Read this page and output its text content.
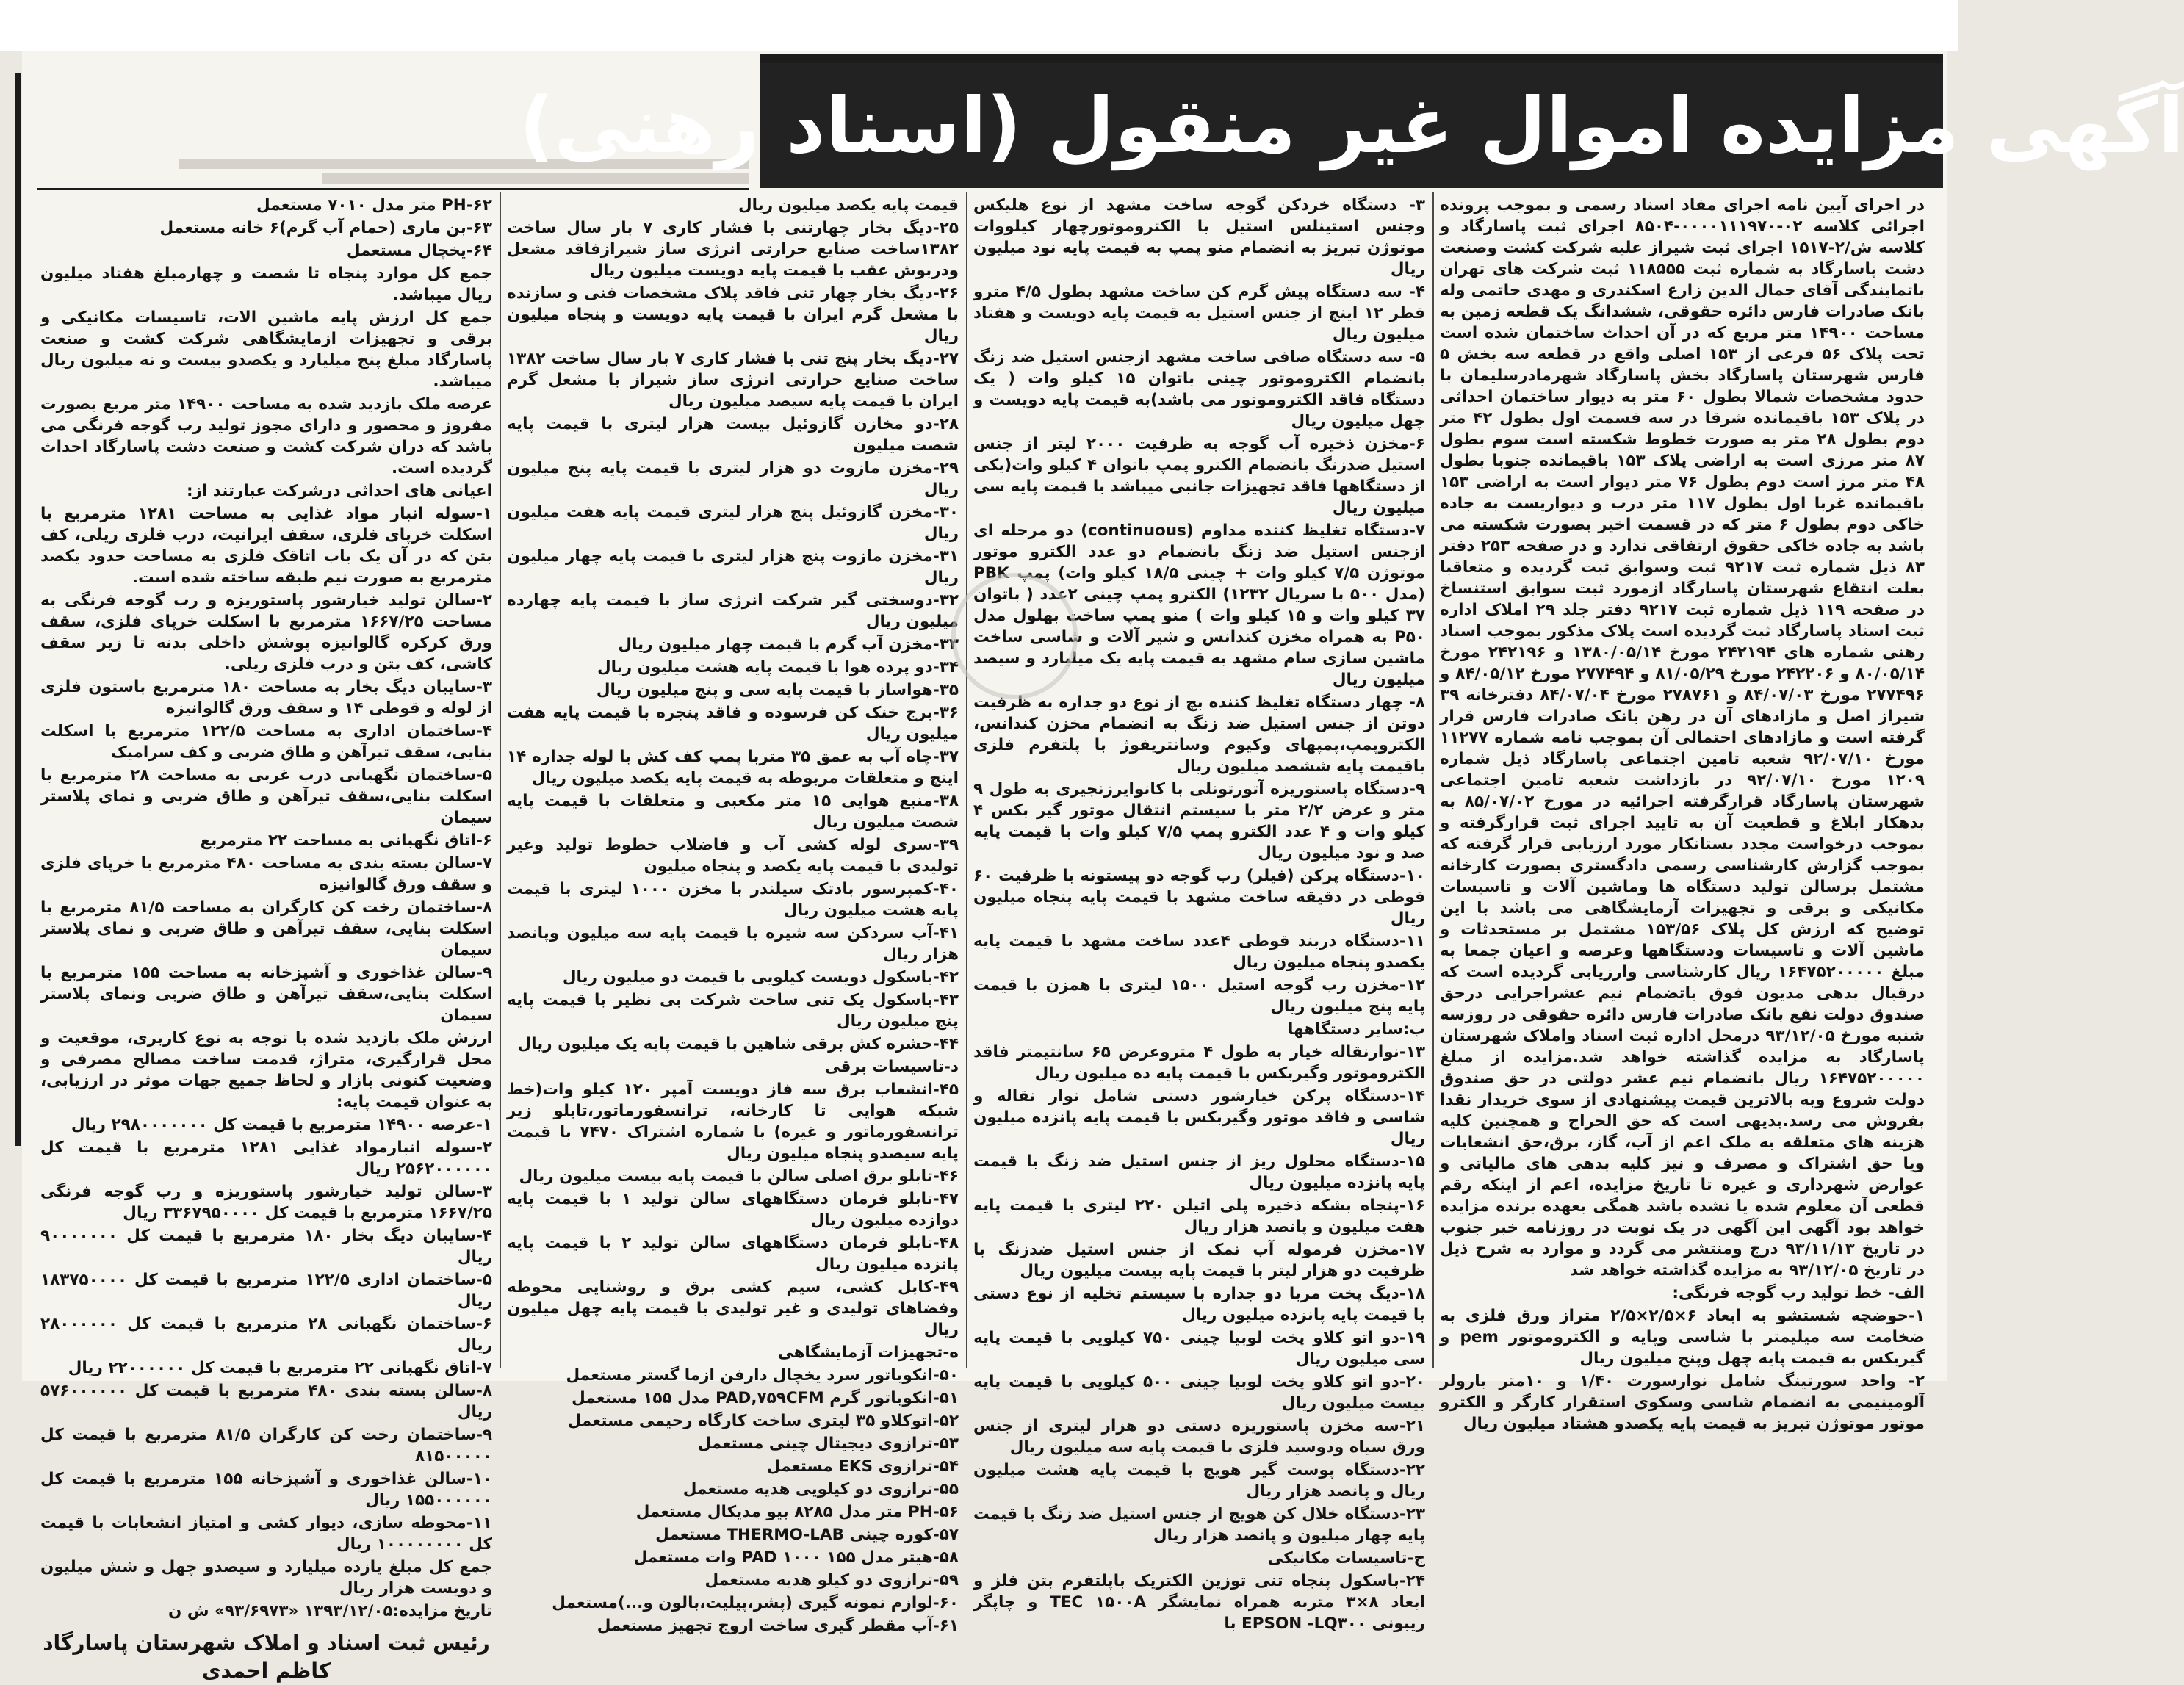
آگهی مزایده اموال غیر منقول (اسناد رهنی)

در اجرای آیین نامه اجرای مفاد اسناد رسمی و بموجب پرونده اجرائی کلاسه ۰۲-۰۰۰۰۱۱۱۹۷۰-۸۵۰۴ اجرای ثبت پاسارگاد و کلاسه ش/۲-۱۵۱۷ اجرای ثبت شیراز علیه شرکت کشت وصنعت دشت پاسارگاد به شماره ثبت ۱۱۸۵۵۵ ثبت شرکت های تهران باتمایندگی آقای جمال الدین زارع اسکندری و مهدی حاتمی وله بانک صادرات فارس دائره حقوقی، ششدانگ یک قطعه زمین به مساحت ۱۴۹۰۰ متر مربع که در آن احداث ساختمان شده است تحت پلاک ۵۶ فرعی از ۱۵۳ اصلی واقع در قطعه سه بخش ۵ فارس شهرستان پاسارگاد بخش پاسارگاد شهرمادرسلیمان با حدود مشخصات شمالا بطول ۶۰ متر به دیوار ساختمان احداثی در پلاک ۱۵۳ باقیمانده شرقا در سه قسمت اول بطول ۴۲ متر دوم بطول ۲۸ متر به صورت خطوط شکسته است سوم بطول ۸۷ متر مرزی است به اراضی پلاک ۱۵۳ باقیمانده جنوبا بطول ۴۸ متر مرز است دوم بطول ۷۶ متر دیوار است به اراضی ۱۵۳ باقیمانده غربا اول بطول ۱۱۷ متر درب و دیواریست به جاده خاکی دوم بطول ۶ متر که در قسمت اخیر بصورت شکسته می باشد به جاده خاکی حقوق ارتفاقی ندارد و در صفحه ۲۵۳ دفتر ۸۳ ذیل شماره ثبت ۹۲۱۷ ثبت وسوابق ثبت گردیده و متعاقبا بعلت انتقاع شهرستان پاسارگاد ازمورد ثبت سوابق استنساخ در صفحه ۱۱۹ ذیل شماره ثبت ۹۲۱۷ دفتر جلد ۲۹ املاک اداره ثبت اسناد پاسارگاد ثبت گردیده است پلاک مذکور بموجب اسناد رهنی شماره های ۲۴۲۱۹۴ مورخ ۱۳۸۰/۰۵/۱۴ و ۲۴۲۱۹۶ مورخ ۸۰/۰۵/۱۴ و ۲۴۲۲۰۶ مورخ ۸۱/۰۵/۲۹ و ۲۷۷۴۹۴ مورخ ۸۴/۰۵/۱۲ و ۲۷۷۴۹۶ مورخ ۸۴/۰۷/۰۳ و ۲۷۸۷۶۱ مورخ ۸۴/۰۷/۰۴ دفترخانه ۳۹ شیراز اصل و مازادهای آن در رهن بانک صادرات فارس قرار گرفته است و مازادهای احتمالی آن بموجب نامه شماره ۱۱۲۷۷ مورخ ۹۲/۰۷/۱۰ شعبه تامین اجتماعی پاسارگاد ذیل شماره ۱۲۰۹ مورخ ۹۲/۰۷/۱۰ در بازداشت شعبه تامین اجتماعی شهرستان پاسارگاد قرارگرفته اجرائیه در مورخ ۸۵/۰۷/۰۲ به بدهکار ابلاغ و قطعیت آن به تایید اجرای ثبت قرارگرفته و بموجب درخواست مجدد بستانکار مورد ارزیابی قرار گرفته که بموجب گزارش کارشناسی رسمی دادگستری بصورت کارخانه مشتمل برسالن تولید دستگاه ها وماشین آلات و تاسیسات مکانیکی و برقی و تجهیزات آزمایشگاهی می باشد با این توضیح که ارزش کل پلاک ۱۵۳/۵۶ مشتمل بر مستحدثات و ماشین آلات و تاسیسات ودستگاهها وعرصه و اعیان جمعا به مبلغ ۱۶۴۷۵۲۰۰۰۰۰ ریال کارشناسی وارزیابی گردیده است که درقبال بدهی مدیون فوق باتضمام نیم عشراجرایی درحق صندوق دولت نفع بانک صادرات فارس دائره حقوقی در روزسه شنبه مورخ ۹۳/۱۲/۰۵ درمحل اداره ثبت اسناد واملاک شهرستان پاسارگاد به مزایده گذاشته خواهد شد.مزایده از مبلغ ۱۶۴۷۵۲۰۰۰۰۰ ریال بانضمام نیم عشر دولتی در حق صندوق دولت شروع وبه بالاترین قیمت پیشنهادی از سوی خریدار نقدا بفروش می رسد.بدیهی است که حق الحراج و همچنین کلیه هزینه های متعلقه به ملک اعم از آب، گاز، برق،حق انشعابات ویا حق اشتراک و مصرف و نیز کلیه بدهی های مالیاتی و عوارض شهرداری و غیره تا تاریخ مزایده، اعم از اینکه رقم قطعی آن معلوم شده یا نشده باشد همگی بعهده برنده مزایده خواهد بود آگهی این آگهی در یک نوبت در روزنامه خبر جنوب در تاریخ ۹۳/۱۱/۱۳ درج ومنتشر می گردد و موارد به شرح ذیل در تاریخ ۹۳/۱۲/۰۵ به مزایده گذاشته خواهد شد

الف- خط تولید رب گوجه فرنگی:

۱-حوضچه شستشو به ابعاد ۶×۲/۵×۲/۵ متراز ورق فلزی به ضخامت سه میلیمتر با شاسی وپایه و الکتروموتور pem و گیربکس به قیمت پایه چهل وپنج میلیون ریال

۲- واحد سورتینگ شامل نوارسورت ۱/۴۰ و ۱۰متر بارولر آلومینیمی به انضمام شاسی وسکوی استقرار کارگر و الکترو موتور موتوژن تبریز به قیمت پایه یکصدو هشتاد میلیون ریال

۳- دستگاه خردکن گوجه ساخت مشهد از نوع هلیکس وجنس استینلس استیل با الکتروموتورچهار کیلووات موتوژن تبریز به انضمام منو پمپ به قیمت پایه نود میلیون ریال

۴- سه دستگاه پیش گرم کن ساخت مشهد بطول ۴/۵ مترو قطر ۱۲ اینچ از جنس استیل به قیمت پایه دویست و هفتاد میلیون ریال

۵- سه دستگاه صافی ساخت مشهد ازجنس استیل ضد زنگ بانضمام الکتروموتور چینی باتوان ۱۵ کیلو وات ( یک دستگاه فاقد الکتروموتور می باشد)به قیمت پایه دویست و چهل میلیون ریال

۶-مخزن ذخیره آب گوجه به ظرفیت ۲۰۰۰ لیتر از جنس استیل ضدزنگ بانضمام الکترو پمپ باتوان ۴ کیلو وات(یکی از دستگاهها فاقد تجهیزات جانبی میباشد با قیمت پایه سی میلیون ریال

۷-دستگاه تغلیظ کننده مداوم (continuous) دو مرحله ای ازجنس استیل ضد زنگ بانضمام دو عدد الکترو موتور موتوژن ۷/۵ کیلو وات + چینی ۱۸/۵ کیلو وات) پمپ PBK (مدل ۵۰۰ با سریال ۱۲۳۲) الکترو پمپ چینی ۲عدد ( باتوان ۳۷ کیلو وات و ۱۵ کیلو وات ) منو پمپ ساخت بهلول مدل P۵۰ به همراه مخزن کندانس و شیر آلات و شاسی ساخت ماشین سازی سام مشهد به قیمت پایه یک میلیارد و سیصد میلیون ریال

۸- چهار دستگاه تغلیظ کننده بچ از نوع دو جداره به ظرفیت دوتن از جنس استیل ضد زنگ به انضمام مخزن کندانس، الکتروپمپ،پمپهای وکیوم وسانتریفوژ با پلتفرم فلزی باقیمت پایه ششصد میلیون ریال

۹-دستگاه پاستوریزه آتورتونلی با کانوایرزنجیری به طول ۹ متر و عرض ۲/۲ متر با سیستم انتقال موتور گیر بکس ۴ کیلو وات و ۴ عدد الکترو پمپ ۷/۵ کیلو وات با قیمت پایه صد و نود میلیون ریال

۱۰-دستگاه پرکن (فیلر) رب گوجه دو پیستونه با ظرفیت ۶۰ قوطی در دقیقه ساخت مشهد با قیمت پایه پنجاه میلیون ریال

۱۱-دستگاه دربند قوطی ۴عدد ساخت مشهد با قیمت پایه یکصدو پنجاه میلیون ریال

۱۲-مخزن رب گوجه استیل ۱۵۰۰ لیتری با همزن با قیمت پایه پنج میلیون ریال

ب:سایر دستگاهها

۱۳-نوارنقاله خیار به طول ۴ متروعرض ۶۵ سانتیمتر فاقد الکتروموتور وگیربکس با قیمت پایه ده میلیون ریال

۱۴-دستگاه پرکن خیارشور دستی شامل نوار نقاله و شاسی و فاقد موتور وگیربکس با قیمت پایه پانزده میلیون ریال

۱۵-دستگاه محلول ریز از جنس استیل ضد زنگ با قیمت پایه پانزده میلیون ریال

۱۶-پنجاه بشکه ذخیره پلی اتیلن ۲۲۰ لیتری با قیمت پایه هفت میلیون و پانصد هزار ریال

۱۷-مخزن فرموله آب نمک از جنس استیل ضدزنگ با ظرفیت دو هزار لیتر با قیمت پایه بیست میلیون ریال

۱۸-دیگ پخت مربا دو جداره با سیستم تخلیه از نوع دستی با قیمت پایه پانزده میلیون ریال

۱۹-دو اتو کلاو پخت لوبیا چینی ۷۵۰ کیلویی با قیمت پایه سی میلیون ریال

۲۰-دو اتو کلاو پخت لوبیا چینی ۵۰۰ کیلویی با قیمت پایه بیست میلیون ریال

۲۱-سه مخزن پاستوریزه دستی دو هزار لیتری از جنس ورق سیاه ودوسید فلزی با قیمت پایه سه میلیون ریال

۲۲-دستگاه پوست گیر هویج با قیمت پایه هشت میلیون ریال و پانصد هزار ریال

۲۳-دستگاه خلال کن هویج از جنس استیل ضد زنگ با قیمت پایه چهار میلیون و پانصد هزار ریال

ج-تاسیسات مکانیکی

۲۴-باسکول پنجاه تنی توزین الکتریک باپلتفرم بتن فلز و ابعاد ۸×۳ متربه همراه نمایشگر TEC ۱۵۰۰A و چاپگر ریبونی EPSON -LQ۳۰۰ با

قیمت پایه یکصد میلیون ریال

۲۵-دیگ بخار چهارتنی با فشار کاری ۷ بار سال ساخت ۱۳۸۲ساخت صنایع حرارتی انرژی ساز شیرازفاقد مشعل ودربوش عقب با قیمت پایه دویست میلیون ریال

۲۶-دیگ بخار چهار تنی فاقد پلاک مشخصات فنی و سازنده با مشعل گرم ایران با قیمت پایه دویست و پنجاه میلیون ریال

۲۷-دیگ بخار پنج تنی با فشار کاری ۷ بار سال ساخت ۱۳۸۲ ساخت صنایع حرارتی انرژی ساز شیراز با مشعل گرم ایران با قیمت پایه سیصد میلیون ریال

۲۸-دو مخازن گازوئیل بیست هزار لیتری با قیمت پایه شصت میلیون

۲۹-مخزن مازوت دو هزار لیتری با قیمت پایه پنج میلیون ریال

۳۰-مخزن گازوئیل پنج هزار لیتری قیمت پایه هفت میلیون ریال

۳۱-مخزن مازوت پنج هزار لیتری با قیمت پایه چهار میلیون ریال

۳۲-دوسختی گیر شرکت انرژی ساز با قیمت پایه چهارده میلیون ریال

۳۳-مخزن آب گرم با قیمت چهار میلیون ریال

۳۴-دو پرده هوا با قیمت پایه هشت میلیون ریال

۳۵-هواساز با قیمت پایه سی و پنج میلیون ریال

۳۶-برج خنک کن فرسوده و فاقد پنجره با قیمت پایه هفت میلیون ریال

۳۷-چاه آب به عمق ۳۵ متربا پمپ کف کش با لوله جداره ۱۴ اینچ و متعلقات مربوطه به قیمت پایه یکصد میلیون ریال

۳۸-منبع هوایی ۱۵ متر مکعبی و متعلقات با قیمت پایه شصت میلیون ریال

۳۹-سری لوله کشی آب و فاضلاب خطوط تولید وغیر تولیدی با قیمت پایه یکصد و پنجاه میلیون

۴۰-کمپرسور بادتک سیلندر با مخزن ۱۰۰۰ لیتری با قیمت پایه هشت میلیون ریال

۴۱-آب سردکن سه شیره با قیمت پایه سه میلیون وپانصد هزار ریال

۴۲-باسکول دویست کیلویی با قیمت دو میلیون ریال

۴۳-باسکول یک تنی ساخت شرکت بی نظیر با قیمت پایه پنج میلیون ریال

۴۴-حشره کش برقی شاهین با قیمت پایه یک میلیون ریال

د-تاسیسات برقی

۴۵-انشعاب برق سه فاز دویست آمپر ۱۲۰ کیلو وات(خط شبکه هوایی تا کارخانه، ترانسفورماتور،تابلو زیر ترانسفورماتور و غیره) با شماره اشتراک ۷۴۷۰ با قیمت پایه سیصدو پنجاه میلیون ریال

۴۶-تابلو برق اصلی سالن با قیمت پایه بیست میلیون ریال

۴۷-تابلو فرمان دستگاههای سالن تولید ۱ با قیمت پایه دوازده میلیون ریال

۴۸-تابلو فرمان دستگاههای سالن تولید ۲ با قیمت پایه پانزده میلیون ریال

۴۹-کابل کشی، سیم کشی برق و روشنایی محوطه وفضاهای تولیدی و غیر تولیدی با قیمت پایه چهل میلیون ریال

ه-تجهیزات آزمایشگاهی

۵۰-انکوباتور سرد یخچال دارفن ازما گستر مستعمل

۵۱-انکوباتور گرم PAD,۷۵۹CFM مدل ۱۵۵ مستعمل

۵۲-اتوکلاو ۳۵ لیتری ساخت کارگاه رحیمی مستعمل

۵۳-ترازوی دیجیتال چینی مستعمل

۵۴-ترازوی EKS مستعمل

۵۵-ترازوی دو کیلویی هدیه مستعمل

۵۶-PH متر مدل ۸۲۸۵ بیو مدیکال مستعمل

۵۷-کوره چینی THERMO-LAB مستعمل

۵۸-هیتر مدل PAD ۱۰۰۰ ۱۵۵ وات مستعمل

۵۹-ترازوی دو کیلو هدیه مستعمل

۶۰-لوازم نمونه گیری (پشر،پیلیت،بالون و...)مستعمل

۶۱-آب مقطر گیری ساخت اروج تجهیز مستعمل

۶۲-PH متر مدل ۷۰۱۰ مستعمل

۶۳-بن ماری (حمام آب گرم)۶ خانه مستعمل

۶۴-یخچال مستعمل

جمع کل موارد پنجاه تا شصت و چهارمبلغ هفتاد میلیون ریال میباشد.

جمع کل ارزش پایه ماشین الات، تاسیسات مکانیکی و برقی و تجهیزات ازمایشگاهی شرکت کشت و صنعت پاسارگاد مبلغ پنج میلیارد و یکصدو بیست و نه میلیون ریال میباشد.

عرصه ملک بازدید شده به مساحت ۱۴۹۰۰ متر مربع بصورت مفروز و محصور و دارای مجوز تولید رب گوجه فرنگی می باشد که دران شرکت کشت و صنعت دشت پاسارگاد احداث گردیده است.

اعیانی های احداثی درشرکت عبارتند از:

۱-سوله انبار مواد غذایی به مساحت ۱۲۸۱ مترمربع با اسکلت خرپای فلزی، سقف ایرانیت، درب فلزی ریلی، کف بتن که در آن یک باب اتاقک فلزی به مساحت حدود یکصد مترمربع به صورت نیم طبقه ساخته شده است.

۲-سالن تولید خیارشور پاستوریزه و رب گوجه فرنگی به مساحت ۱۶۶۷/۲۵ مترمربع با اسکلت خرپای فلزی، سقف ورق کرکره گالوانیزه پوشش داخلی بدنه تا زیر سقف کاشی، کف بتن و درب فلزی ریلی.

۳-سایبان دیگ بخار به مساحت ۱۸۰ مترمربع باستون فلزی از لوله و قوطی ۱۴ و سقف ورق گالوانیزه

۴-ساختمان اداری به مساحت ۱۲۲/۵ مترمربع با اسکلت بنایی، سقف تیرآهن و طاق ضربی و کف سرامیک

۵-ساختمان نگهبانی درب غربی به مساحت ۲۸ مترمربع با اسکلت بنایی،سقف تیرآهن و طاق ضربی و نمای پلاستر سیمان

۶-اتاق نگهبانی به مساحت ۲۲ مترمربع

۷-سالن بسته بندی به مساحت ۴۸۰ مترمربع با خرپای فلزی و سقف ورق گالوانیزه

۸-ساختمان رخت کن کارگران به مساحت ۸۱/۵ مترمربع با اسکلت بنایی، سقف تیرآهن و طاق ضربی و نمای پلاستر سیمان

۹-سالن غذاخوری و آشپزخانه به مساحت ۱۵۵ مترمربع با اسکلت بنایی،سقف تیرآهن و طاق ضربی ونمای پلاستر سیمان

ارزش ملک بازدید شده با توجه به نوع کاربری، موقعیت و محل قرارگیری، متراژ، قدمت ساخت مصالح مصرفی و وضعیت کنونی بازار و لحاظ جمیع جهات موثر در ارزیابی، به عنوان قیمت پایه:

۱-عرصه ۱۴۹۰۰ مترمربع با قیمت کل ۲۹۸۰۰۰۰۰۰۰ ریال

۲-سوله انبارمواد غذایی ۱۲۸۱ مترمربع با قیمت کل ۲۵۶۲۰۰۰۰۰۰ ریال

۳-سالن تولید خیارشور پاستوریزه و رب گوجه فرنگی ۱۶۶۷/۲۵ مترمربع با قیمت کل ۳۳۶۷۹۵۰۰۰۰ ریال

۴-سایبان دیگ بخار ۱۸۰ مترمربع با قیمت کل ۹۰۰۰۰۰۰۰ ریال

۵-ساختمان اداری ۱۲۲/۵ مترمربع با قیمت کل ۱۸۳۷۵۰۰۰۰ ریال

۶-ساختمان نگهبانی ۲۸ مترمربع با قیمت کل ۲۸۰۰۰۰۰۰ ریال

۷-اتاق نگهبانی ۲۲ مترمربع با قیمت کل ۲۲۰۰۰۰۰۰ ریال

۸-سالن بسته بندی ۴۸۰ مترمربع با قیمت کل ۵۷۶۰۰۰۰۰۰ ریال

۹-ساختمان رخت کن کارگران ۸۱/۵ مترمربع با قیمت کل ۸۱۵۰۰۰۰۰

۱۰-سالن غذاخوری و آشپزخانه ۱۵۵ مترمربع با قیمت کل ۱۵۵۰۰۰۰۰۰ ریال

۱۱-محوطه سازی، دیوار کشی و امتیاز انشعابات با قیمت کل ۱۰۰۰۰۰۰۰۰ ریال

جمع کل مبلغ یازده میلیارد و سیصدو چهل و شش میلیون و دویست هزار ریال

تاریخ مزایده:۱۳۹۳/۱۲/۰۵ «۹۳/۶۹۷۳» ش ن

رئیس ثبت اسناد و املاک شهرستان پاسارگاد
کاظم احمدی
